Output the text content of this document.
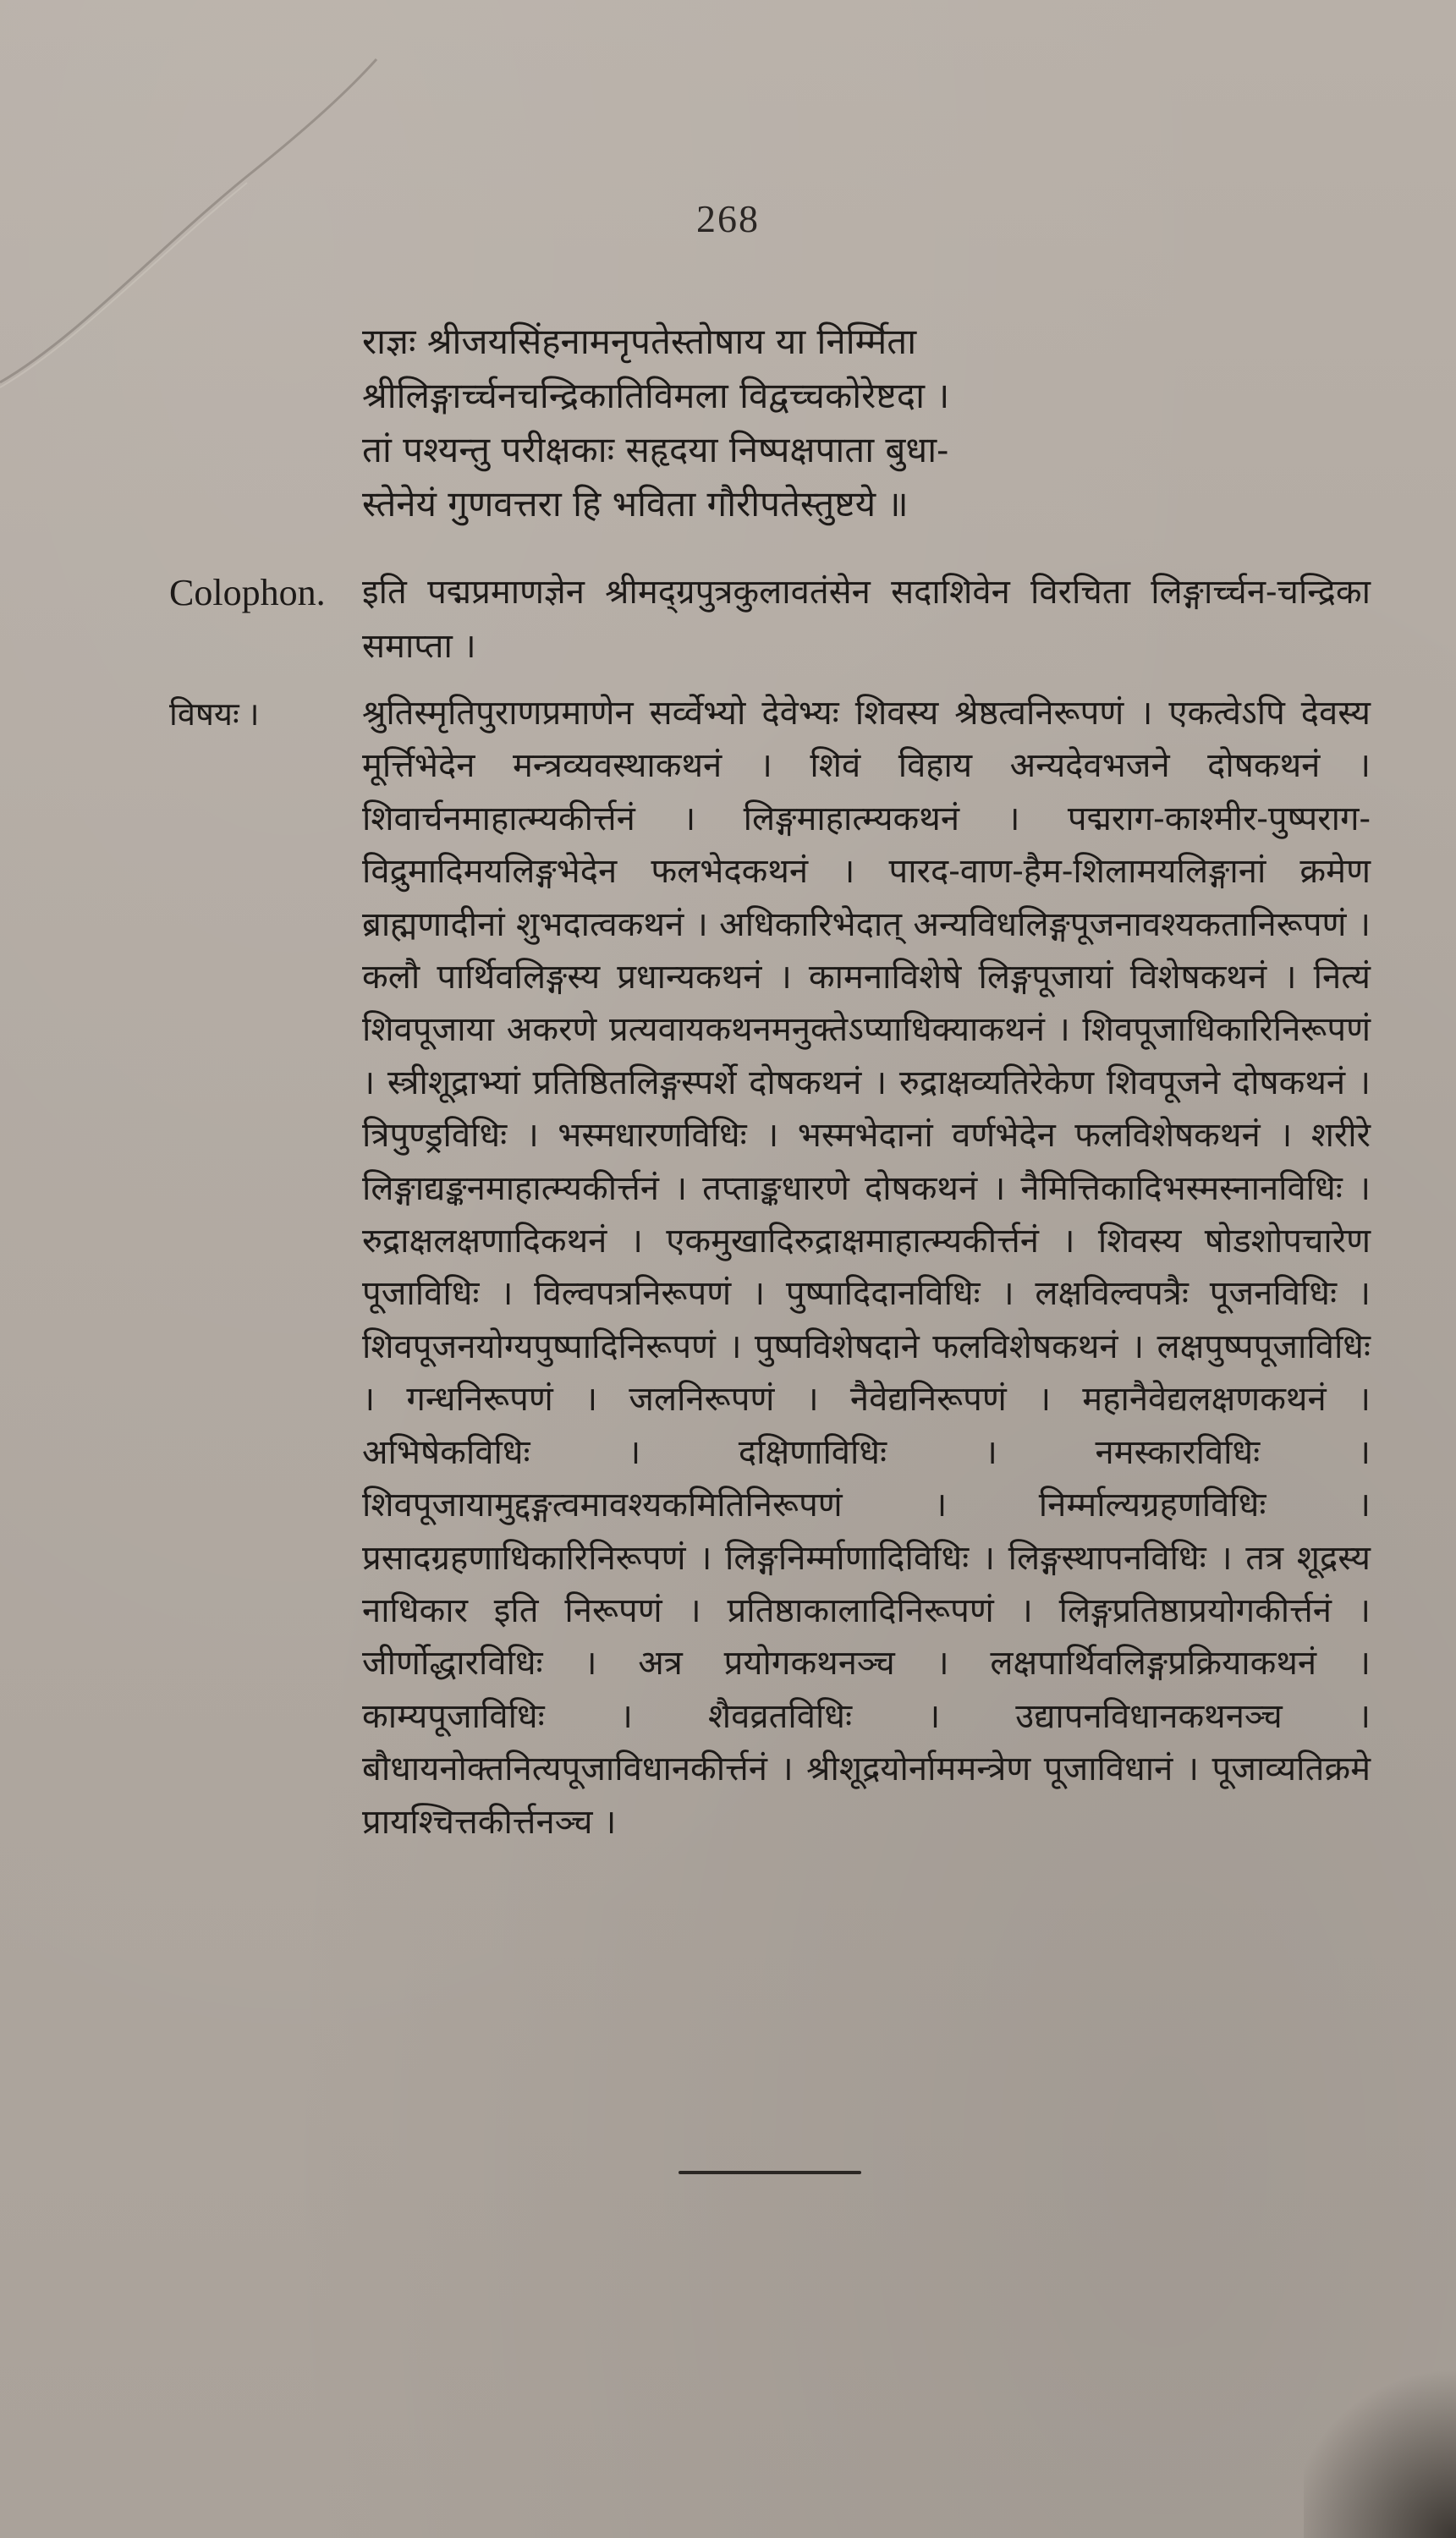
268
राज्ञः श्रीजयसिंहनामनृपतेस्तोषाय या निर्म्मिता
श्रीलिङ्गार्च्चनचन्द्रिकातिविमला विद्वच्चकोरेष्टदा ।
तां पश्यन्तु परीक्षकाः सहृदया निष्पक्षपाता बुधा-
स्तेनेयं गुणवत्तरा हि भविता गौरीपतेस्तुष्टये ॥
Colophon.	इति पद्मप्रमाणज्ञेन श्रीमद्ग्रपुत्रकुलावतंसेन सदाशिवेन विरचिता लिङ्गार्च्चन-चन्द्रिका समाप्ता ।
विषयः ।	श्रुतिस्मृतिपुराणप्रमाणेन सर्व्वेभ्यो देवेभ्यः शिवस्य श्रेष्ठत्वनिरूपणं । एकत्वेऽपि देवस्य मूर्त्तिभेदेन मन्त्रव्यवस्थाकथनं । शिवं विहाय अन्यदेवभजने दोषकथनं । शिवार्चनमाहात्म्यकीर्त्तनं । लिङ्गमाहात्म्यकथनं । पद्मराग-काश्मीर-पुष्पराग-विद्रुमादिमयलिङ्गभेदेन फलभेदकथनं । पारद-वाण-हैम-शिलामयलिङ्गानां क्रमेण ब्राह्मणादीनां शुभदात्वकथनं । अधिकारिभेदात् अन्यविधलिङ्गपूजनावश्यकतानिरूपणं । कलौ पार्थिवलिङ्गस्य प्रधान्यकथनं । कामनाविशेषे लिङ्गपूजायां विशेषकथनं । नित्यं शिवपूजाया अकरणे प्रत्यवायकथनमनुक्तेऽप्याधिक्याकथनं । शिवपूजाधिकारिनिरूपणं । स्त्रीशूद्राभ्यां प्रतिष्ठितलिङ्गस्पर्शे दोषकथनं । रुद्राक्षव्यतिरेकेण शिवपूजने दोषकथनं । त्रिपुण्ड्रविधिः । भस्मधारणविधिः । भस्मभेदानां वर्णभेदेन फलविशेषकथनं । शरीरे लिङ्गाद्यङ्कनमाहात्म्यकीर्त्तनं । तप्ताङ्कधारणे दोषकथनं । नैमित्तिकादिभस्मस्नानविधिः । रुद्राक्षलक्षणादिकथनं । एकमुखादिरुद्राक्षमाहात्म्यकीर्त्तनं । शिवस्य षोडशोपचारेण पूजाविधिः । विल्वपत्रनिरूपणं । पुष्पादिदानविधिः । लक्षविल्वपत्रैः पूजनविधिः । शिवपूजनयोग्यपुष्पादिनिरूपणं । पुष्पविशेषदाने फलविशेषकथनं । लक्षपुष्पपूजाविधिः । गन्धनिरूपणं । जलनिरूपणं । नैवेद्यनिरूपणं । महानैवेद्यलक्षणकथनं । अभिषेकविधिः । दक्षिणाविधिः । नमस्कारविधिः । शिवपूजायामुद्दङ्गत्वमावश्यकमितिनिरूपणं । निर्म्माल्यग्रहणविधिः । प्रसादग्रहणाधिकारिनिरूपणं । लिङ्गनिर्म्माणादिविधिः । लिङ्गस्थापनविधिः । तत्र शूद्रस्य नाधिकार इति निरूपणं । प्रतिष्ठाकालादिनिरूपणं । लिङ्गप्रतिष्ठाप्रयोगकीर्त्तनं । जीर्णोद्धारविधिः । अत्र प्रयोगकथनञ्च । लक्षपार्थिवलिङ्गप्रक्रियाकथनं । काम्यपूजाविधिः । शैवव्रतविधिः । उद्यापनविधानकथनञ्च । बौधायनोक्तनित्यपूजाविधानकीर्त्तनं । श्रीशूद्रयोर्नाममन्त्रेण पूजाविधानं । पूजाव्यतिक्रमे प्रायश्चित्तकीर्त्तनञ्च ।
